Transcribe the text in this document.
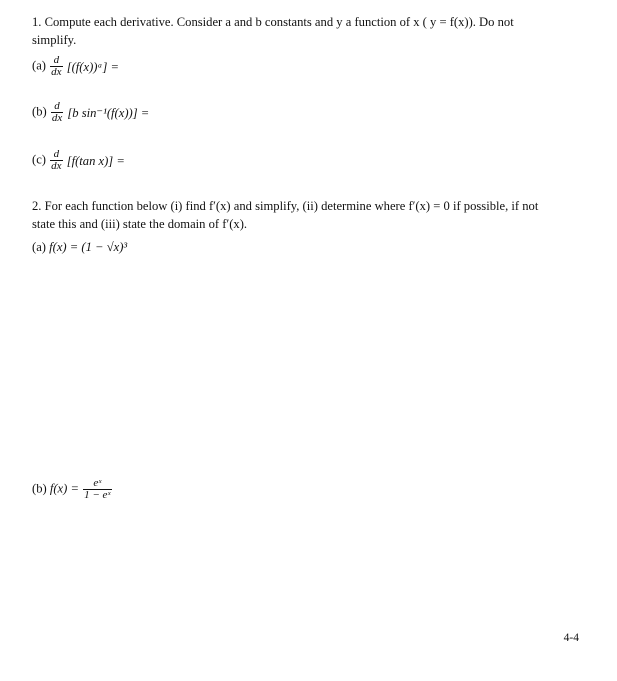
1. Compute each derivative. Consider a and b constants and y a function of x ( y = f(x)). Do not
simplify.
$(a) \frac{d}{dx}$ [(f(x))ᵃ] =
$(b) \frac{d}{dx} [b$ sin⁻¹(f(x))] =
$(c) \frac{d}{dx} [f(\tan$ x)] =
2. For each function below (i) find f′(x) and simplify, (ii) determine where f′(x) = 0 if possible, if not
state this and (iii) state the domain of f′(x).
(a) f(x) = (1 − √x)³
(b) $f(x) = \frac{\text{eˣ}}{\text{1 − eˣ}}$
4-4
